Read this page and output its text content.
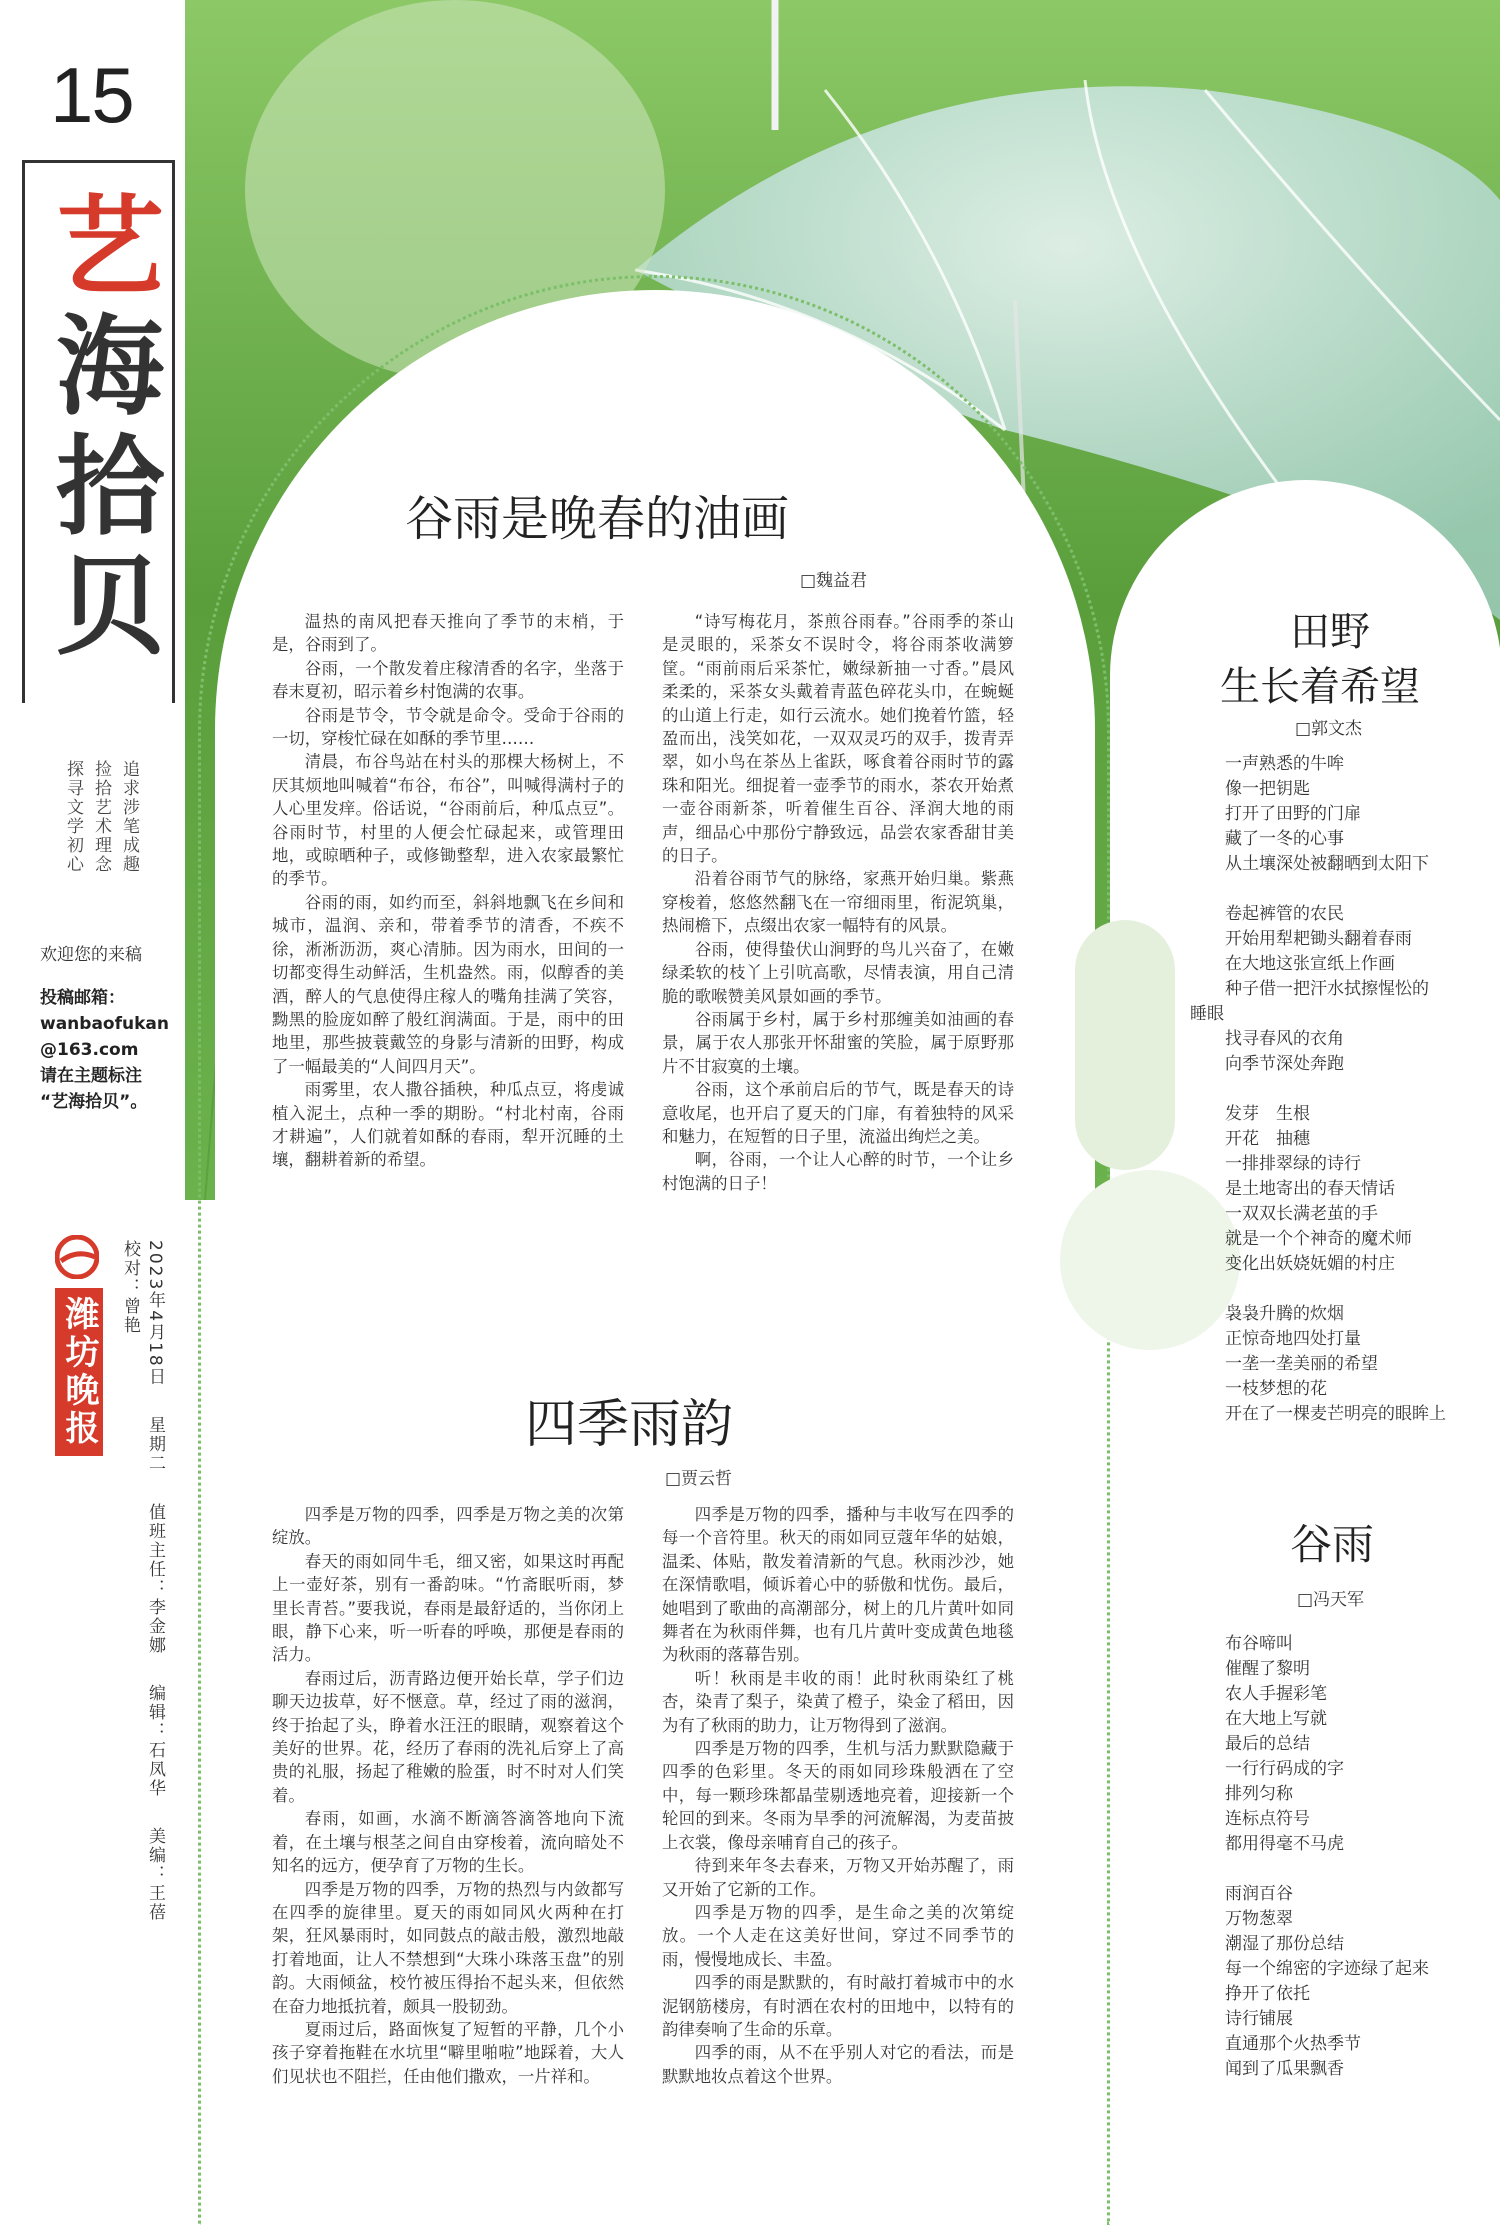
15
艺
海
拾
贝
追求涉笔成趣
捡拾艺术理念
探寻文学初心
欢迎您的来稿
投稿邮箱：
wanbaofukan
@163.com
请在主题标注
“艺海拾贝”。
潍坊晚报	2023年4月18日 星期二 值班主任：李金娜 编辑：石凤华 美编：王蓓 校对：曾艳
谷雨是晚春的油画
□魏益君

温热的南风把春天推向了季节的末梢，于是，谷雨到了。

谷雨，一个散发着庄稼清香的名字，坐落于春末夏初，昭示着乡村饱满的农事。

谷雨是节令，节令就是命令。受命于谷雨的一切，穿梭忙碌在如酥的季节里……

清晨，布谷鸟站在村头的那棵大杨树上，不厌其烦地叫喊着“布谷，布谷”，叫喊得满村子的人心里发痒。俗话说，“谷雨前后，种瓜点豆”。谷雨时节，村里的人便会忙碌起来，或管理田地，或晾晒种子，或修锄整犁，进入农家最繁忙的季节。

谷雨的雨，如约而至，斜斜地飘飞在乡间和城市，温润、亲和，带着季节的清香，不疾不徐，淅淅沥沥，爽心清肺。因为雨水，田间的一切都变得生动鲜活，生机盎然。雨，似醇香的美酒，醉人的气息使得庄稼人的嘴角挂满了笑容，黝黑的脸庞如醉了般红润满面。于是，雨中的田地里，那些披蓑戴笠的身影与清新的田野，构成了一幅最美的“人间四月天”。

雨雾里，农人撒谷插秧，种瓜点豆，将虔诚植入泥土，点种一季的期盼。“村北村南，谷雨才耕遍”，人们就着如酥的春雨，犁开沉睡的土壤，翻耕着新的希望。

“诗写梅花月，茶煎谷雨春。”谷雨季的茶山是灵眼的，采茶女不误时令，将谷雨茶收满箩筐。“雨前雨后采茶忙，嫩绿新抽一寸香。”晨风柔柔的，采茶女头戴着青蓝色碎花头巾，在蜿蜒的山道上行走，如行云流水。她们挽着竹篮，轻盈而出，浅笑如花，一双双灵巧的双手，拨青弄翠，如小鸟在茶丛上雀跃，啄食着谷雨时节的露珠和阳光。细捉着一壶季节的雨水，茶农开始煮一壶谷雨新茶，听着催生百谷、泽润大地的雨声，细品心中那份宁静致远，品尝农家香甜甘美的日子。

沿着谷雨节气的脉络，家燕开始归巢。紫燕穿梭着，悠悠然翻飞在一帘细雨里，衔泥筑巢，热闹檐下，点缀出农家一幅特有的风景。

谷雨，使得蛰伏山涧野的鸟儿兴奋了，在嫩绿柔软的枝丫上引吭高歌，尽情表演，用自己清脆的歌喉赞美风景如画的季节。

谷雨属于乡村，属于乡村那缠美如油画的春景，属于农人那张开怀甜蜜的笑脸，属于原野那片不甘寂寞的土壤。

谷雨，这个承前启后的节气，既是春天的诗意收尾，也开启了夏天的门扉，有着独特的风采和魅力，在短暂的日子里，流溢出绚烂之美。

啊，谷雨，一个让人心醉的时节，一个让乡村饱满的日子！

四季雨韵
□贾云哲

四季是万物的四季，四季是万物之美的次第绽放。

春天的雨如同牛毛，细又密，如果这时再配上一壶好茶，别有一番韵味。“竹斋眠听雨，梦里长青苔。”要我说，春雨是最舒适的，当你闭上眼，静下心来，听一听春的呼唤，那便是春雨的活力。

春雨过后，沥青路边便开始长草，学子们边聊天边拔草，好不惬意。草，经过了雨的滋润，终于抬起了头，睁着水汪汪的眼睛，观察着这个美好的世界。花，经历了春雨的洗礼后穿上了高贵的礼服，扬起了稚嫩的脸蛋，时不时对人们笑着。

春雨，如画，水滴不断滴答滴答地向下流着，在土壤与根茎之间自由穿梭着，流向暗处不知名的远方，便孕育了万物的生长。

四季是万物的四季，万物的热烈与内敛都写在四季的旋律里。夏天的雨如同风火两种在打架，狂风暴雨时，如同鼓点的敲击般，激烈地敲打着地面，让人不禁想到“大珠小珠落玉盘”的别韵。大雨倾盆，校竹被压得抬不起头来，但依然在奋力地抵抗着，颇具一股韧劲。

夏雨过后，路面恢复了短暂的平静，几个小孩子穿着拖鞋在水坑里“噼里啪啦”地踩着，大人们见状也不阻拦，任由他们撒欢，一片祥和。

四季是万物的四季，播种与丰收写在四季的每一个音符里。秋天的雨如同豆蔻年华的姑娘，温柔、体贴，散发着清新的气息。秋雨沙沙，她在深情歌唱，倾诉着心中的骄傲和忧伤。最后，她唱到了歌曲的高潮部分，树上的几片黄叶如同舞者在为秋雨伴舞，也有几片黄叶变成黄色地毯为秋雨的落幕告别。

听！秋雨是丰收的雨！此时秋雨染红了桃杏，染青了梨子，染黄了橙子，染金了稻田，因为有了秋雨的助力，让万物得到了滋润。

四季是万物的四季，生机与活力默默隐藏于四季的色彩里。冬天的雨如同珍珠般洒在了空中，每一颗珍珠都晶莹剔透地亮着，迎接新一个轮回的到来。冬雨为旱季的河流解渴，为麦苗披上衣裳，像母亲哺育自己的孩子。

待到来年冬去春来，万物又开始苏醒了，雨又开始了它新的工作。

四季是万物的四季，是生命之美的次第绽放。一个人走在这美好世间，穿过不同季节的雨，慢慢地成长、丰盈。

四季的雨是默默的，有时敲打着城市中的水泥钢筋楼房，有时洒在农村的田地中，以特有的韵律奏响了生命的乐章。

四季的雨，从不在乎别人对它的看法，而是默默地妆点着这个世界。

田野
生长着希望
□郭文杰

一声熟悉的牛哞

像一把钥匙

打开了田野的门扉

藏了一冬的心事

从土壤深处被翻晒到太阳下

卷起裤管的农民

开始用犁耙锄头翻着春雨

在大地这张宣纸上作画

种子借一把汗水拭擦惺忪的

睡眼

找寻春风的衣角

向季节深处奔跑

发芽　生根

开花　抽穗

一排排翠绿的诗行

是土地寄出的春天情话

一双双长满老茧的手

就是一个个神奇的魔术师

变化出妖娆妩媚的村庄

袅袅升腾的炊烟

正惊奇地四处打量

一垄一垄美丽的希望

一枝梦想的花

开在了一棵麦芒明亮的眼眸上

谷雨
□冯天军

布谷啼叫

催醒了黎明

农人手握彩笔

在大地上写就

最后的总结

一行行码成的字

排列匀称

连标点符号

都用得毫不马虎

雨润百谷

万物葱翠

潮湿了那份总结

每一个绵密的字迹绿了起来

挣开了依托

诗行铺展

直通那个火热季节

闻到了瓜果飘香
